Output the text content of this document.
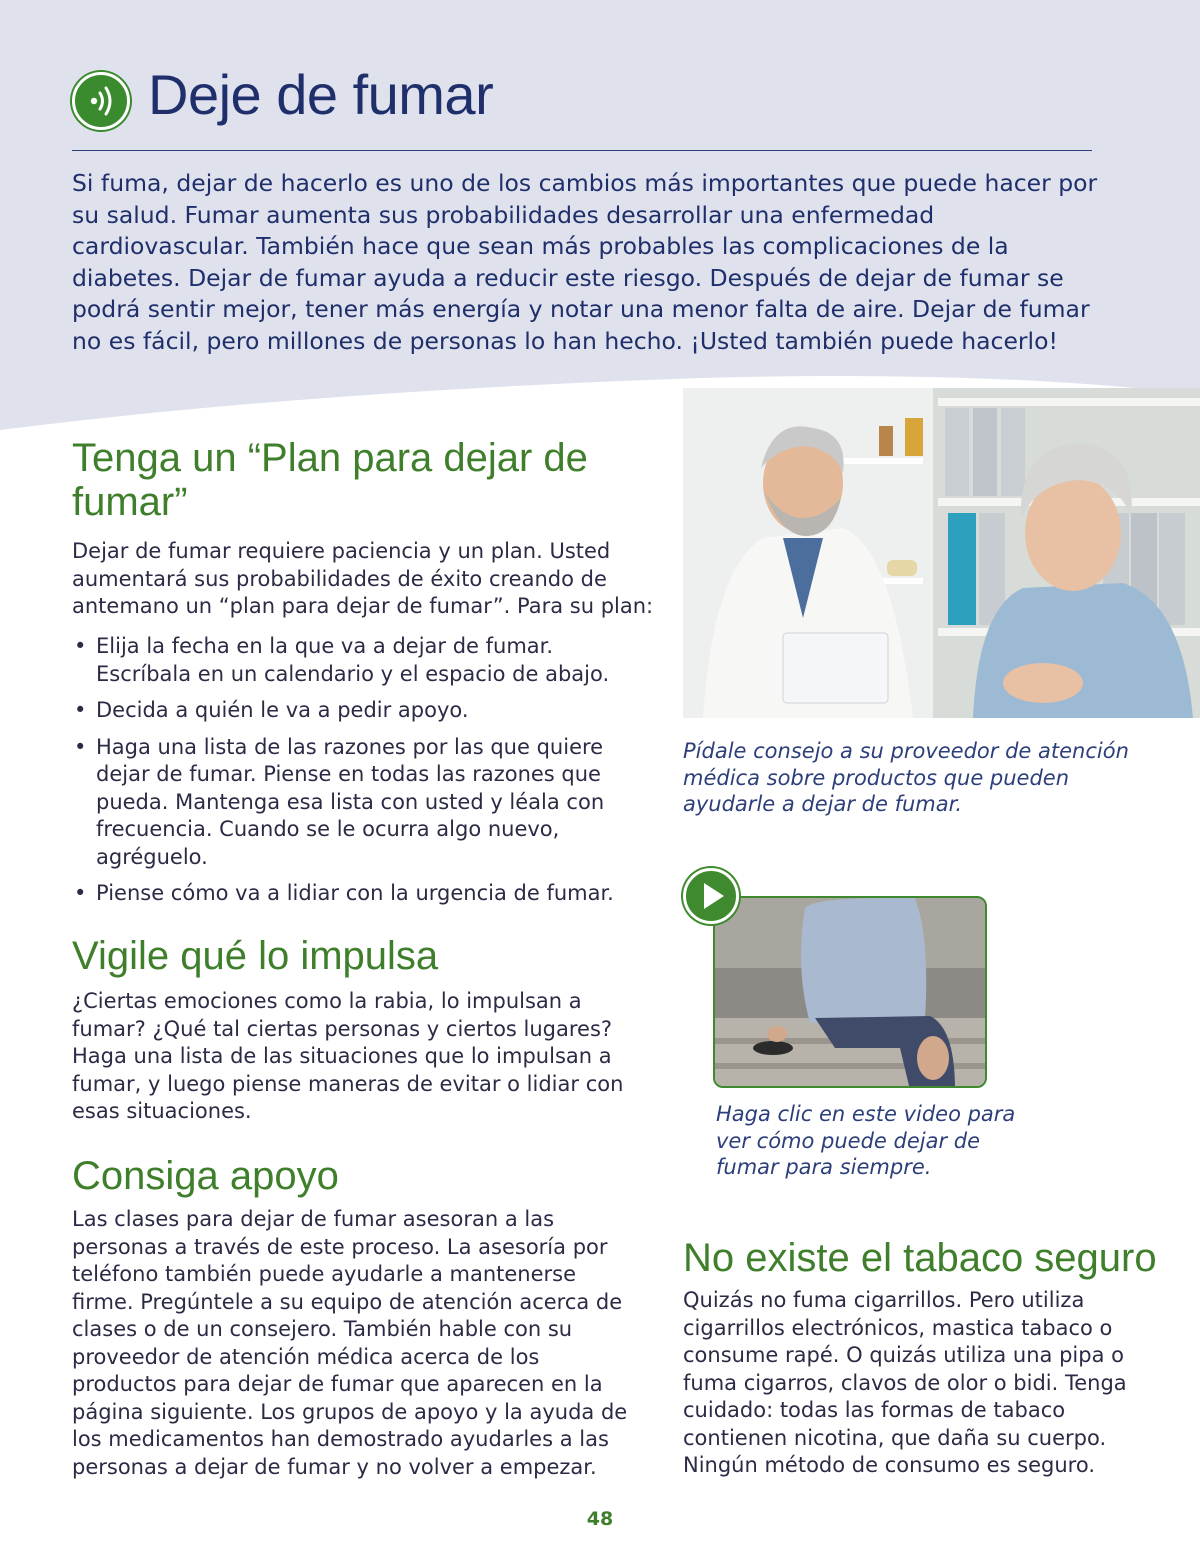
Deje de fumar

Si fuma, dejar de hacerlo es uno de los cambios más importantes que puede hacer por su salud. Fumar aumenta sus probabilidades desarrollar una enfermedad cardiovascular. También hace que sean más probables las complicaciones de la diabetes. Dejar de fumar ayuda a reducir este riesgo. Después de dejar de fumar se podrá sentir mejor, tener más energía y notar una menor falta de aire. Dejar de fumar no es fácil, pero millones de personas lo han hecho. ¡Usted también puede hacerlo!

Tenga un “Plan para dejar de fumar”

Dejar de fumar requiere paciencia y un plan. Usted aumentará sus probabilidades de éxito creando de antemano un “plan para dejar de fumar”. Para su plan:

• Elija la fecha en la que va a dejar de fumar. Escríbala en un calendario y el espacio de abajo.
• Decida a quién le va a pedir apoyo.
• Haga una lista de las razones por las que quiere dejar de fumar. Piense en todas las razones que pueda. Mantenga esa lista con usted y léala con frecuencia. Cuando se le ocurra algo nuevo, agréguelo.
• Piense cómo va a lidiar con la urgencia de fumar.
Vigile qué lo impulsa

¿Ciertas emociones como la rabia, lo impulsan a fumar? ¿Qué tal ciertas personas y ciertos lugares? Haga una lista de las situaciones que lo impulsan a fumar, y luego piense maneras de evitar o lidiar con esas situaciones.

Consiga apoyo

Las clases para dejar de fumar asesoran a las personas a través de este proceso. La asesoría por teléfono también puede ayudarle a mantenerse firme. Pregúntele a su equipo de atención acerca de clases o de un consejero. También hable con su proveedor de atención médica acerca de los productos para dejar de fumar que aparecen en la página siguiente. Los grupos de apoyo y la ayuda de los medicamentos han demostrado ayudarles a las personas a dejar de fumar y no volver a empezar.

Pídale consejo a su proveedor de atención médica sobre productos que pueden ayudarle a dejar de fumar.

Haga clic en este video para ver cómo puede dejar de fumar para siempre.

No existe el tabaco seguro

Quizás no fuma cigarrillos. Pero utiliza cigarrillos electrónicos, mastica tabaco o consume rapé. O quizás utiliza una pipa o fuma cigarros, clavos de olor o bidi. Tenga cuidado: todas las formas de tabaco contienen nicotina, que daña su cuerpo. Ningún método de consumo es seguro.

48
